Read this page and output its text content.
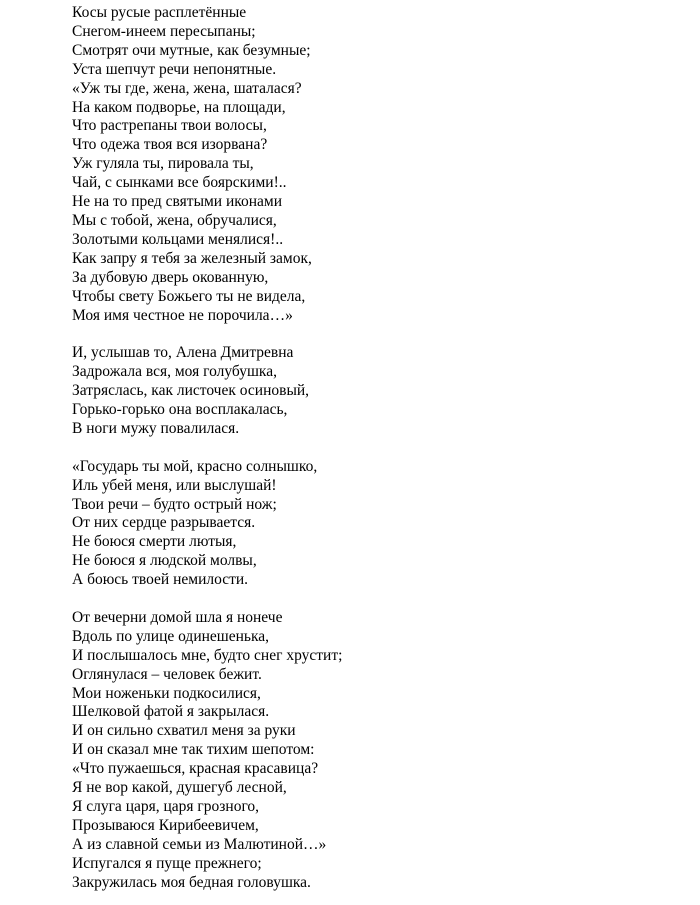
Косы русые расплетённые
Снегом-инеем пересыпаны;
Смотрят очи мутные, как безумные;
Уста шепчут речи непонятные.
«Уж ты где, жена, жена, шаталася?
На каком подворье, на площади,
Что растрепаны твои волосы,
Что одежа твоя вся изорвана?
Уж гуляла ты, пировала ты,
Чай, с сынками все боярскими!..
Не на то пред святыми иконами
Мы с тобой, жена, обручалися,
Золотыми кольцами менялися!..
Как запру я тебя за железный замок,
За дубовую дверь окованную,
Чтобы свету Божьего ты не видела,
Моя имя честное не порочила…»
И, услышав то, Алена Дмитревна
Задрожала вся, моя голубушка,
Затряслась, как листочек осиновый,
Горько-горько она восплакалась,
В ноги мужу повалилася.
«Государь ты мой, красно солнышко,
Иль убей меня, или выслушай!
Твои речи – будто острый нож;
От них сердце разрывается.
Не боюся смерти лютыя,
Не боюся я людской молвы,
А боюсь твоей немилости.
От вечерни домой шла я нонече
Вдоль по улице одинешенька,
И послышалось мне, будто снег хрустит;
Оглянулася – человек бежит.
Мои ноженьки подкосилися,
Шелковой фатой я закрылася.
И он сильно схватил меня за руки
И он сказал мне так тихим шепотом:
«Что пужаешься, красная красавица?
Я не вор какой, душегуб лесной,
Я слуга царя, царя грозного,
Прозываюся Кирибеевичем,
А из славной семьи из Малютиной…»
Испугался я пуще прежнего;
Закружилась моя бедная головушка.
